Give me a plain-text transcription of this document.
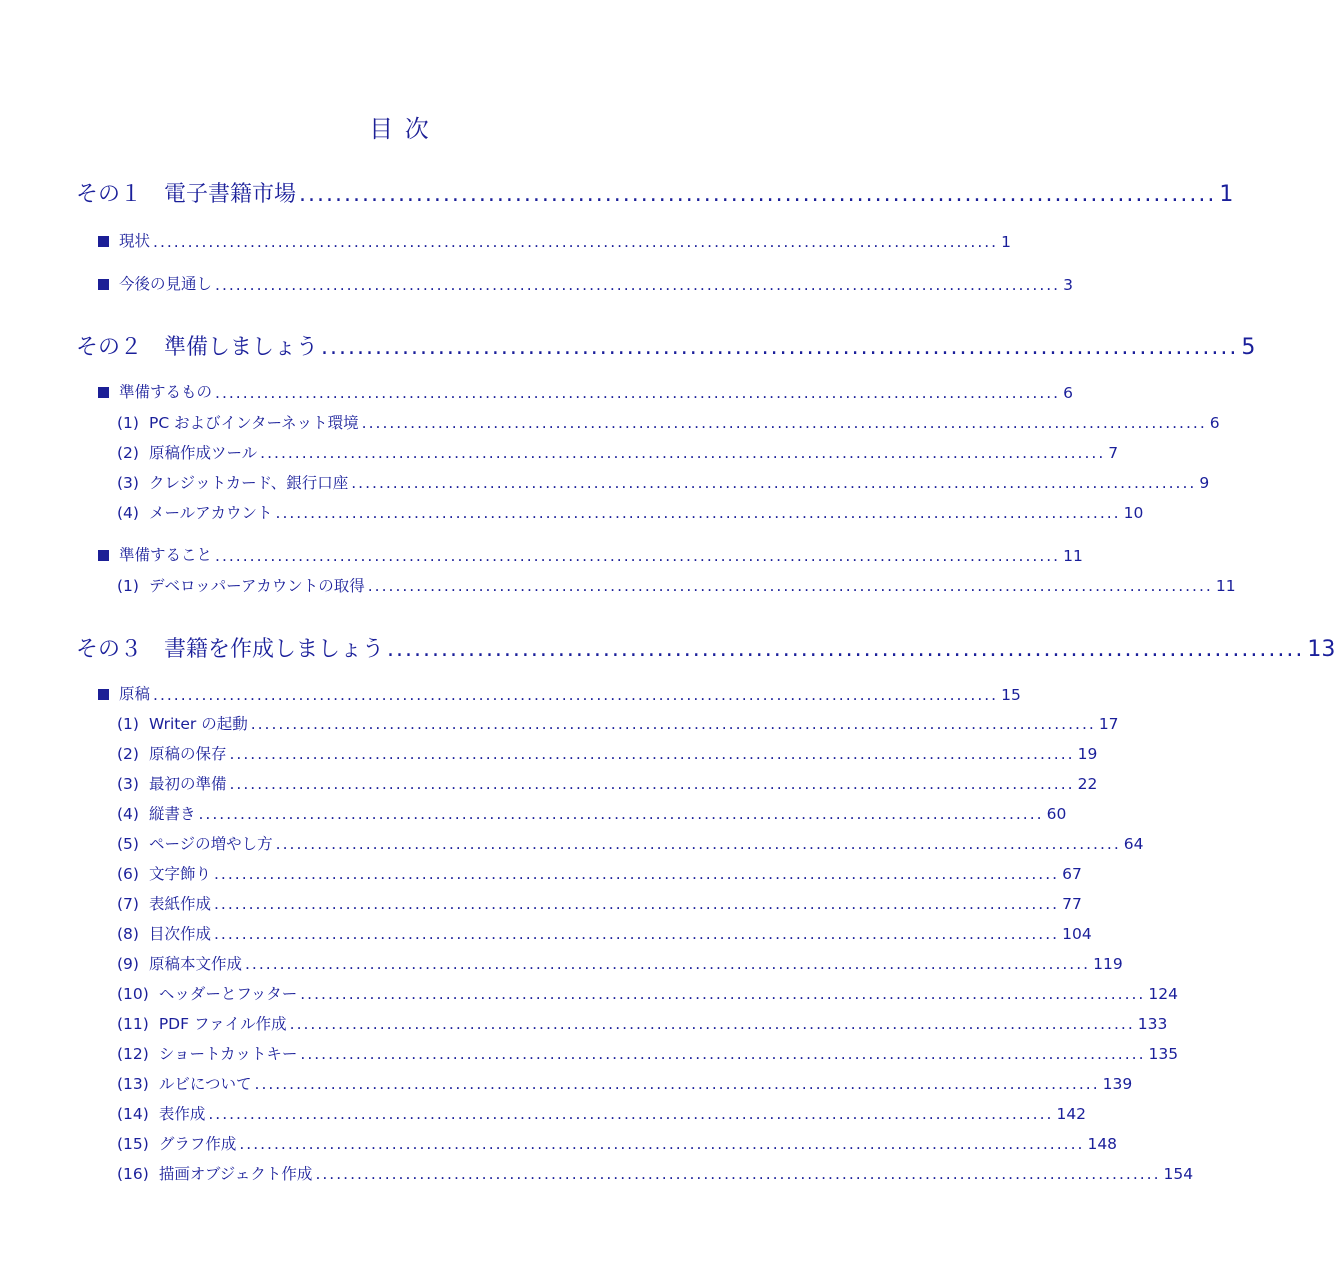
目 次
その１　電子書籍市場 ...................................................................................................... 1
現状 .......................................................................................................................... 1
今後の見通し .......................................................................................................................... 3
その２　準備しましょう ...................................................................................................... 5
準備するもの .......................................................................................................................... 6
(1) PC およびインターネット環境 .......................................................................................................................... 6
(2) 原稿作成ツール .......................................................................................................................... 7
(3) クレジットカード、銀行口座 .......................................................................................................................... 9
(4) メールアカウント .......................................................................................................................... 10
準備すること .......................................................................................................................... 11
(1) デベロッパーアカウントの取得 .......................................................................................................................... 11
その３　書籍を作成しましょう ...................................................................................................... 13
原稿 .......................................................................................................................... 15
(1) Writer の起動 .......................................................................................................................... 17
(2) 原稿の保存 .......................................................................................................................... 19
(3) 最初の準備 .......................................................................................................................... 22
(4) 縦書き .......................................................................................................................... 60
(5) ページの増やし方 .......................................................................................................................... 64
(6) 文字飾り .......................................................................................................................... 67
(7) 表紙作成 .......................................................................................................................... 77
(8) 目次作成 .......................................................................................................................... 104
(9) 原稿本文作成 .......................................................................................................................... 119
(10) ヘッダーとフッター .......................................................................................................................... 124
(11) PDF ファイル作成 .......................................................................................................................... 133
(12) ショートカットキー .......................................................................................................................... 135
(13) ルビについて .......................................................................................................................... 139
(14) 表作成 .......................................................................................................................... 142
(15) グラフ作成 .......................................................................................................................... 148
(16) 描画オブジェクト作成 .......................................................................................................................... 154
